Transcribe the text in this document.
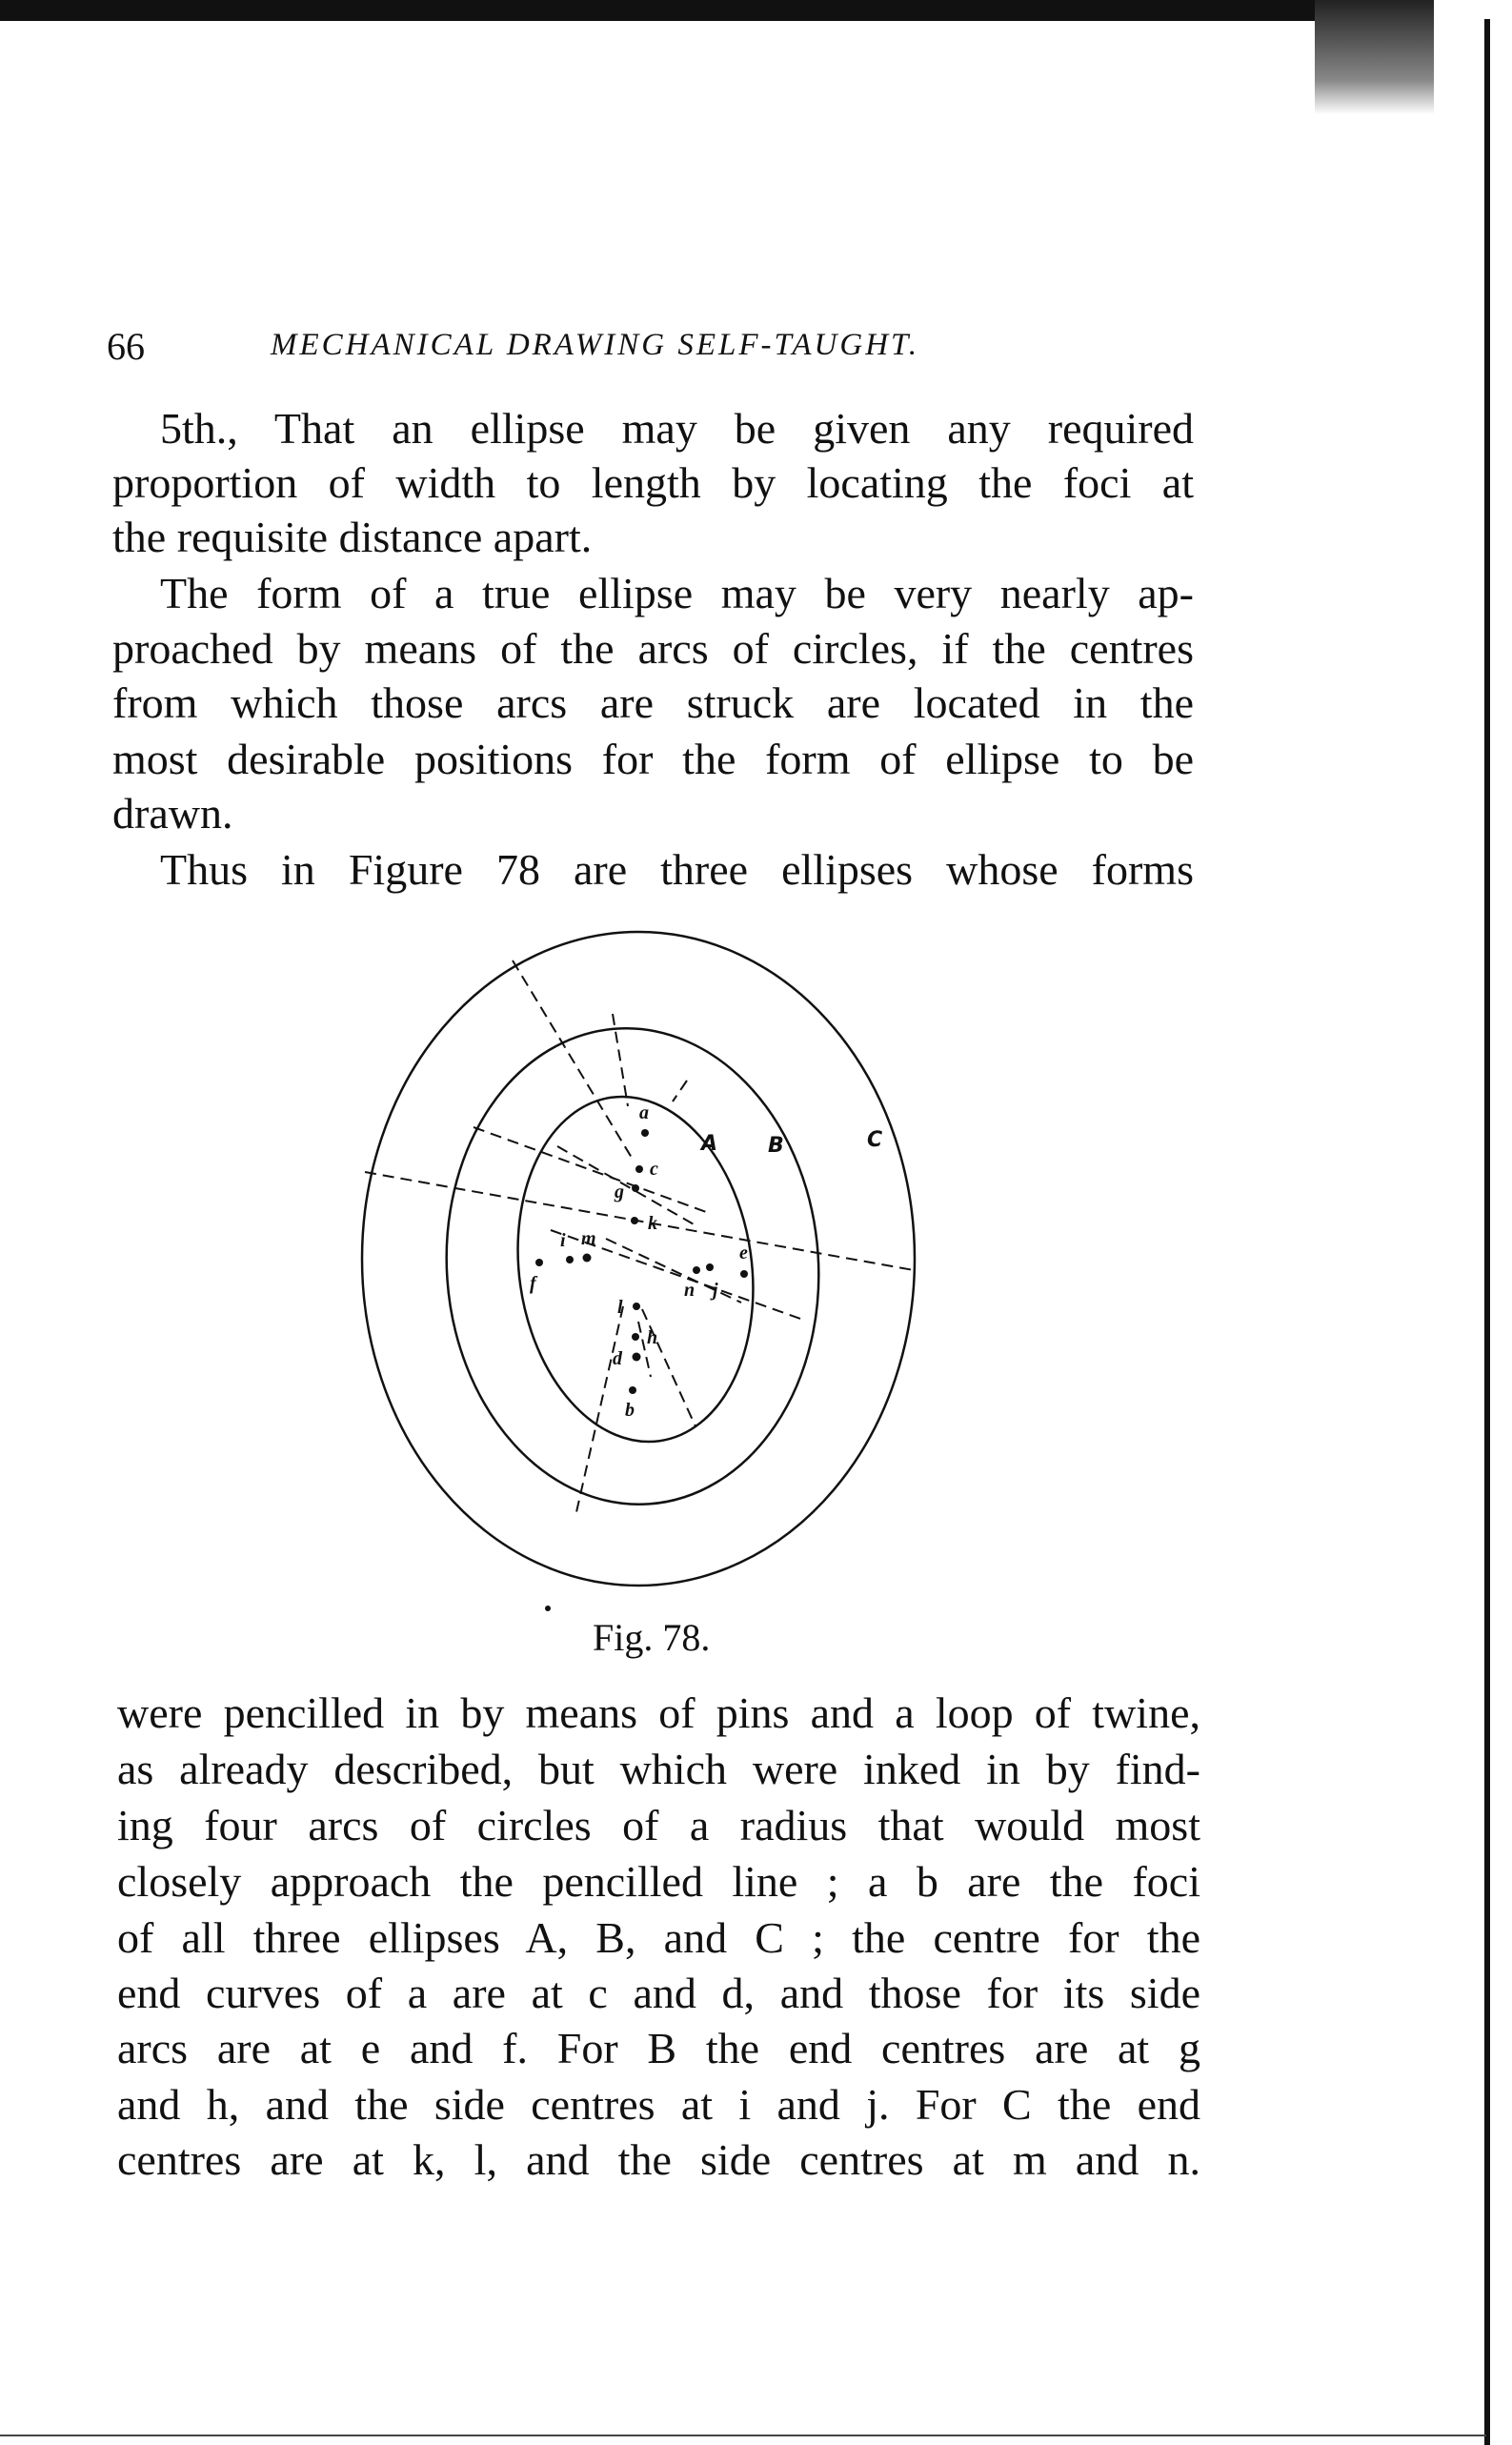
66	MECHANICAL DRAWING SELF-TAUGHT.
5th., That an ellipse may be given any required
proportion of width to length by locating the foci at
the requisite distance apart.
The form of a true ellipse may be very nearly ap-
proached by means of the arcs of circles, if the centres
from which those arcs are struck are located in the
most desirable positions for the form of ellipse to be
drawn.
Thus in Figure 78 are three ellipses whose forms
A B	C
a
b
c
d
e
f
g
h
i
j
k
l
m
n
Fig. 78.
were pencilled in by means of pins and a loop of twine,
as already described, but which were inked in by find-
ing four arcs of circles of a radius that would most
closely approach the pencilled line ; a b are the foci
of all three ellipses A, B, and C ; the centre for the
end curves of a are at c and d, and those for its side
arcs are at e and f. For B the end centres are at g
and h, and the side centres at i and j. For C the end
centres are at k, l, and the side centres at m and n.
